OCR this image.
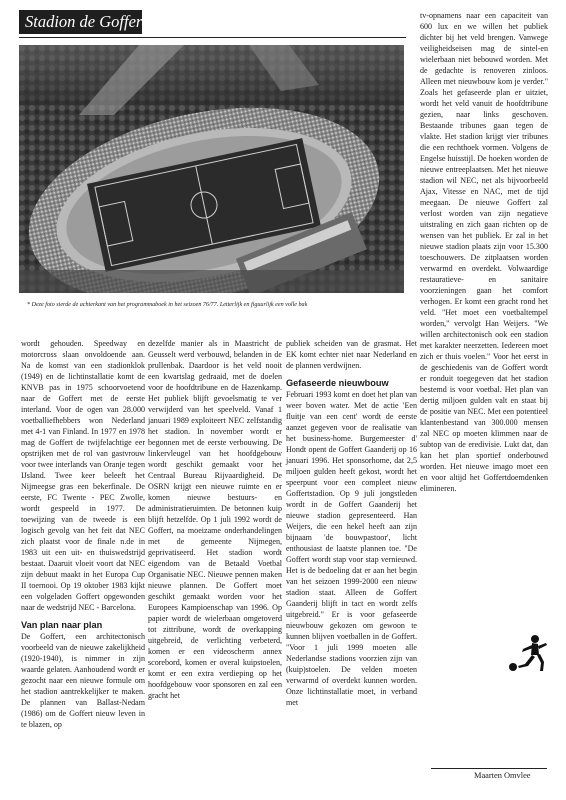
Stadion de Goffert
* Deze foto sierde de achterkant van het programmaboek in het seizoen 76/77. Letterlijk en figuurlijk een volle bak

wordt gehouden. Speedway en motorcross slaan onvoldoende aan. Na de komst van een stadionklok (1949) en de lichtinstallatie komt de KNVB pas in 1975 schoorvoetend naar de Goffert met de eerste interland. Voor de ogen van 28.000 voetballiefhebbers won Nederland met 4-1 van Finland. In 1977 en 1978 mag de Goffert de twijfelachtige eer opstrijken met de rol van gastvrouw voor twee interlands van Oranje tegen IJsland. Twee keer beleeft het Nijmeegse gras een bekerfinale. De eerste, FC Twente - PEC Zwolle, wordt gespeeld in 1977. De toewijzing van de tweede is een logisch gevolg van het feit dat NEC zich plaatst voor de finale n.de in 1983 uit een uit- en thuiswedstrijd bestaat. Daaruit vloeit voort dat NEC zijn debuut maakt in het Europa Cup II toernooi. Op 19 oktober 1983 kijkt een volgeladen Goffert opgewonden naar de wedstrijd NEC - Barcelona.

Van plan naar plan

De Goffert, een architectonisch voorbeeld van de nieuwe zakelijkheid (1920-1940), is nimmer in zijn waarde gelaten. Aanhoudend wordt er gezocht naar een nieuwe formule om het stadion aantrekkelijker te maken. De plannen van Ballast-Nedam (1986) om de Goffert nieuw leven in te blazen, op

dezelfde manier als in Maastricht de Geusselt werd verbouwd, belanden in de prullenbak. Daardoor is het veld nooit een kwartslag gedraaid, met de doelen voor de hoofdtribune en de Hazenkamp. Het publiek blijft gevoelsmatig te ver verwijderd van het speelveld. Vanaf 1 januari 1989 exploiteert NEC zelfstandig het stadion. In november wordt er begonnen met de eerste verbouwing. De linkervleugel van het hoofdgebouw wordt geschikt gemaakt voor het Centraal Bureau Rijvaardigheid. De OSRN krijgt een nieuwe ruimte en er komen nieuwe bestuurs- en administratieruimten. De betonnen kuip blijft hetzelfde. Op 1 juli 1992 wordt de Goffert, na moeizame onderhandelingen met de gemeente Nijmegen, geprivatiseerd. Het stadion wordt eigendom van de Betaald Voetbal Organisatie NEC. Nieuwe pennen maken nieuwe plannen. De Goffert moet geschikt gemaakt worden voor het Europees Kampioenschap van 1996. Op papier wordt de wielerbaan omgetoverd tot zittribune, wordt de overkapping uitgebreid, de verlichting verbeterd, komen er een videoscherm annex scorebord, komen er overal kuipstoelen, komt er een extra verdieping op het hoofdgebouw voor sponsoren en zal een gracht het

publiek scheiden van de grasmat. Het EK komt echter niet naar Nederland en de plannen verdwijnen.

Gefaseerde nieuwbouw

Februari 1993 komt en doet het plan van weer boven water. Met de actie 'Een fluitje van een cent' wordt de eerste aanzet gegeven voor de realisatie van het business-home. Burgemeester d' Hondt opent de Goffert Gaanderij op 16 januari 1996. Het sponsorhome, dat 2,5 miljoen gulden heeft gekost, wordt het speerpunt voor een compleet nieuw Goffertstadion. Op 9 juli jongstleden wordt in de Goffert Gaanderij het nieuwe stadion gepresenteerd. Han Weijers, die een hekel heeft aan zijn bijnaam 'de bouwpastoor', licht enthousiast de laatste plannen toe. "De Goffert wordt stap voor stap vernieuwd. Het is de bedoeling dat er aan het begin van het seizoen 1999-2000 een nieuw stadion staat. Alleen de Goffert Gaanderij blijft in tact en wordt zelfs uitgebreid." Er is voor gefaseerde nieuwbouw gekozen om gewoon te kunnen blijven voetballen in de Goffert. "Voor 1 juli 1999 moeten alle Nederlandse stadions voorzien zijn van (kuip)stoelen. De velden moeten verwarmd of overdekt kunnen worden. Onze lichtinstallatie moet, in verband met

tv-opnamens naar een capaciteit van 600 lux en we willen het publiek dichter bij het veld brengen. Vanwege veiligheidseisen mag de sintel-en wielerbaan niet bebouwd worden. Met de gedachte is renoveren zinloos. Alleen met nieuwbouw kom je verder." Zoals het gefaseerde plan er uitziet, wordt het veld vanuit de hoofdtribune gezien, naar links geschoven. Bestaande tribunes gaan tegen de vlakte. Het stadion krijgt vier tribunes die een rechthoek vormen. Volgens de Engelse huisstijl. De hoeken worden de nieuwe entreeplaatsen. Met het nieuwe stadion wil NEC, net als bijvoorbeeld Ajax, Vitesse en NAC, met de tijd meegaan. De nieuwe Goffert zal verlost worden van zijn negatieve uitstraling en zich gaan richten op de wensen van het publiek. Er zal in het nieuwe stadion plaats zijn voor 15.300 toeschouwers. De zitplaatsen worden verwarmd en overdekt. Volwaardige restauratieve- en sanitaire voorzieningen gaan het comfort verhogen. Er komt een gracht rond het veld. "Het moet een voetbaltempel worden," vervolgt Han Weijers. "We willen architectonisch ook een stadion met karakter neerzetten. Iedereen moet zich er thuis voelen." Voor het eerst in de geschiedenis van de Goffert wordt er ronduit toegegeven dat het stadion bestemd is voor voetbal. Het plan van dertig miljoen gulden valt en staat bij de positie van NEC. Met een potentieel klantenbestand van 300.000 mensen zal NEC op moeten klimmen naar de subtop van de eredivisie. Lukt dat, dan kan het plan sportief onderbouwd worden. Het nieuwe imago moet een en voor altijd het Goffertdoemdenken elimineren.

Maarten Omvlee
